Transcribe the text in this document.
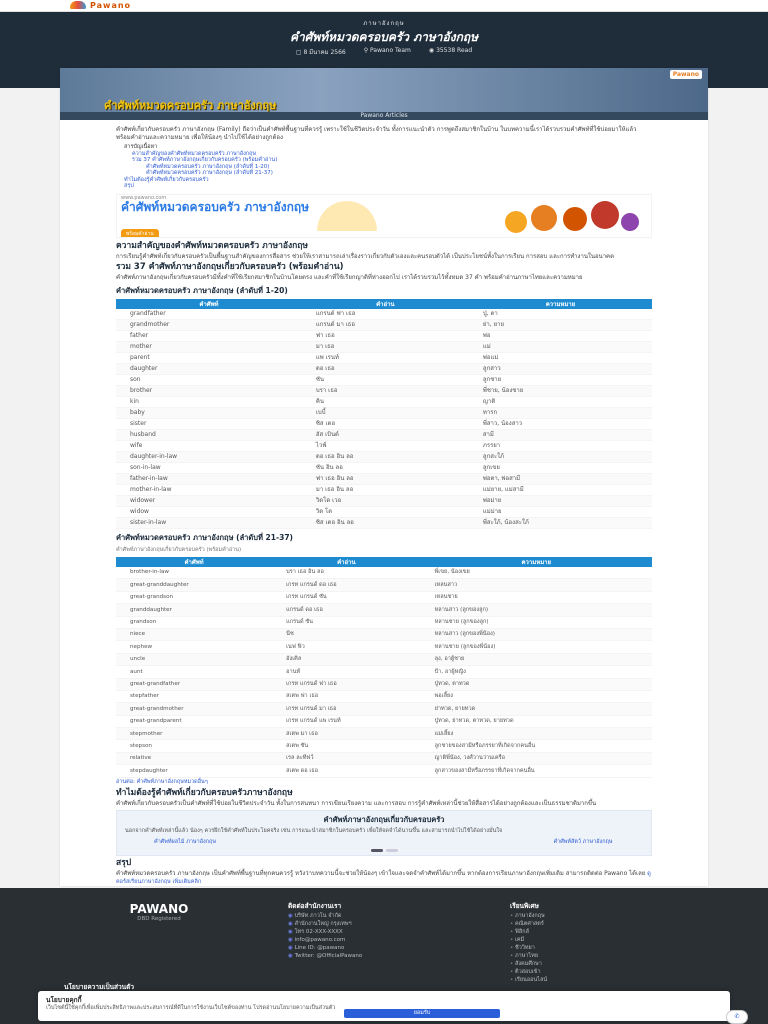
Pawano
ภาษาอังกฤษ
คำศัพท์หมวดครอบครัว ภาษาอังกฤษ
▢ 8 มีนาคม 2566	⚲ Pawano Team	◉ 35538 Read
Pawano
คำศัพท์หมวดครอบครัว ภาษาอังกฤษ
Pawano Articles

คำศัพท์เกี่ยวกับครอบครัว ภาษาอังกฤษ (Family) ถือว่าเป็นคำศัพท์พื้นฐานที่ควรรู้ เพราะใช้ในชีวิตประจำวัน ทั้งการแนะนำตัว การพูดถึงสมาชิกในบ้าน ในบทความนี้เราได้รวบรวมคำศัพท์ที่ใช้บ่อยมาให้แล้ว พร้อมคำอ่านและความหมาย เพื่อให้น้องๆ นำไปใช้ได้อย่างถูกต้อง

สารบัญเนื้อหา
ความสำคัญของคำศัพท์หมวดครอบครัว ภาษาอังกฤษ
รวม 37 คำศัพท์ภาษาอังกฤษเกี่ยวกับครอบครัว (พร้อมคำอ่าน)
คำศัพท์หมวดครอบครัว ภาษาอังกฤษ (ลำดับที่ 1-20)
คำศัพท์หมวดครอบครัว ภาษาอังกฤษ (ลำดับที่ 21-37)
ทำไมต้องรู้คำศัพท์เกี่ยวกับครอบครัว
สรุป
www.pawano.com
คำศัพท์หมวดครอบครัว ภาษาอังกฤษ
พร้อมคำอ่าน
ความสำคัญของคำศัพท์หมวดครอบครัว ภาษาอังกฤษ

การเรียนรู้คำศัพท์เกี่ยวกับครอบครัวเป็นพื้นฐานสำคัญของการสื่อสาร ช่วยให้เราสามารถเล่าเรื่องราวเกี่ยวกับตัวเองและคนรอบตัวได้ เป็นประโยชน์ทั้งในการเรียน การสอบ และการทำงานในอนาคต

รวม 37 คำศัพท์ภาษาอังกฤษเกี่ยวกับครอบครัว (พร้อมคำอ่าน)

คำศัพท์ภาษาอังกฤษเกี่ยวกับครอบครัวมีทั้งคำที่ใช้เรียกสมาชิกในบ้านโดยตรง และคำที่ใช้เรียกญาติที่ห่างออกไป เราได้รวบรวมไว้ทั้งหมด 37 คำ พร้อมคำอ่านภาษาไทยและความหมาย

คำศัพท์หมวดครอบครัว ภาษาอังกฤษ (ลำดับที่ 1-20)
คำศัพท์	คำอ่าน	ความหมาย
grandfather	แกรนด์ ฟา เธอ	ปู่, ตา
grandmother	แกรนด์ มา เธอ	ย่า, ยาย
father	ฟา เธอ	พ่อ
mother	มา เธอ	แม่
parent	แพ เรนท์	พ่อแม่
daughter	ดอ เธอ	ลูกสาว
son	ซัน	ลูกชาย
brother	บรา เธอ	พี่ชาย, น้องชาย
kin	คิน	ญาติ
baby	เบบี้	ทารก
sister	ซิส เตอ	พี่สาว, น้องสาว
husband	ฮัส เบินด์	สามี
wife	ไวฟ์	ภรรยา
daughter-in-law	ดอ เธอ อิน ลอ	ลูกสะใภ้
son-in-law	ซัน อิน ลอ	ลูกเขย
father-in-law	ฟา เธอ อิน ลอ	พ่อตา, พ่อสามี
mother-in-law	มา เธอ อิน ลอ	แม่ยาย, แม่สามี
widower	วิดโด เวอ	พ่อม่าย
widow	วิด โด	แม่ม่าย
sister-in-law	ซิส เตอ อิน ลอ	พี่สะใภ้, น้องสะใภ้
คำศัพท์หมวดครอบครัว ภาษาอังกฤษ (ลำดับที่ 21-37)
คำศัพท์ภาษาอังกฤษเกี่ยวกับครอบครัว (พร้อมคำอ่าน)
คำศัพท์	คำอ่าน	ความหมาย
brother-in-law	บรา เธอ อิน ลอ	พี่เขย, น้องเขย
great-granddaughter	เกรท แกรนด์ ดอ เธอ	เหลนสาว
great-grandson	เกรท แกรนด์ ซัน	เหลนชาย
granddaughter	แกรนด์ ดอ เธอ	หลานสาว (ลูกของลูก)
grandson	แกรนด์ ซัน	หลานชาย (ลูกของลูก)
niece	นีซ	หลานสาว (ลูกของพี่น้อง)
nephew	เนฟ ฟิว	หลานชาย (ลูกของพี่น้อง)
uncle	อังเคิล	ลุง, อาผู้ชาย
aunt	อานท์	ป้า, อาผู้หญิง
great-grandfather	เกรท แกรนด์ ฟา เธอ	ปู่ทวด, ตาทวด
stepfather	สเตพ ฟา เธอ	พ่อเลี้ยง
great-grandmother	เกรท แกรนด์ มา เธอ	ย่าทวด, ยายทวด
great-grandparent	เกรท แกรนด์ แพ เรนท์	ปู่ทวด, ย่าทวด, ตาทวด, ยายทวด
stepmother	สเตพ มา เธอ	แม่เลี้ยง
stepson	สเตพ ซัน	ลูกชายของสามีหรือภรรยาที่เกิดจากคนอื่น
relative	เรล ละทีฟว์	ญาติพี่น้อง, วงศ์วานว่านเครือ
stepdaughter	สเตพ ดอ เธอ	ลูกสาวของสามีหรือภรรยาที่เกิดจากคนอื่น
อ่านต่อ: คำศัพท์ภาษาอังกฤษหมวดอื่นๆ
ทำไมต้องรู้คำศัพท์เกี่ยวกับครอบครัวภาษาอังกฤษ

คำศัพท์เกี่ยวกับครอบครัวเป็นคำศัพท์ที่ใช้บ่อยในชีวิตประจำวัน ทั้งในการสนทนา การเขียนเรียงความ และการสอบ การรู้คำศัพท์เหล่านี้ช่วยให้สื่อสารได้อย่างถูกต้องและเป็นธรรมชาติมากขึ้น

คำศัพท์ภาษาอังกฤษเกี่ยวกับครอบครัว
นอกจากคำศัพท์เหล่านี้แล้ว น้องๆ ควรฝึกใช้คำศัพท์ในประโยคจริง เช่น การแนะนำสมาชิกในครอบครัว เพื่อให้จดจำได้นานขึ้น และสามารถนำไปใช้ได้อย่างมั่นใจ
คำศัพท์ผลไม้ ภาษาอังกฤษ	คำศัพท์สัตว์ ภาษาอังกฤษ
สรุป

คำศัพท์หมวดครอบครัว ภาษาอังกฤษ เป็นคำศัพท์พื้นฐานที่ทุกคนควรรู้ หวังว่าบทความนี้จะช่วยให้น้องๆ เข้าใจและจดจำคำศัพท์ได้มากขึ้น หากต้องการเรียนภาษาอังกฤษเพิ่มเติม สามารถติดต่อ Pawano ได้เลย ดูคอร์สเรียนภาษาอังกฤษ เพิ่มเติมคลิก

PAWANO
DBD Registered
ติดต่อสำนักงานเรา
◉ บริษัท ภาวโน จำกัด
◉ สำนักงานใหญ่ กรุงเทพฯ
◉ โทร 02-XXX-XXXX
◉ info@pawano.com
◉ Line ID: @pawano
◉ Twitter: @OfficialPawano
เรียนพิเศษ
• ภาษาอังกฤษ
• คณิตศาสตร์
• ฟิสิกส์
• เคมี
• ชีววิทยา
• ภาษาไทย
• สังคมศึกษา
• ติวสอบเข้า
• เรียนออนไลน์
นโยบายความเป็นส่วนตัว
นโยบายคุกกี้
เว็บไซต์นี้ใช้คุกกี้เพื่อเพิ่มประสิทธิภาพและประสบการณ์ที่ดีในการใช้งานเว็บไซต์ของท่าน โปรดอ่านนโยบายความเป็นส่วนตัว
ยอมรับ	✆
